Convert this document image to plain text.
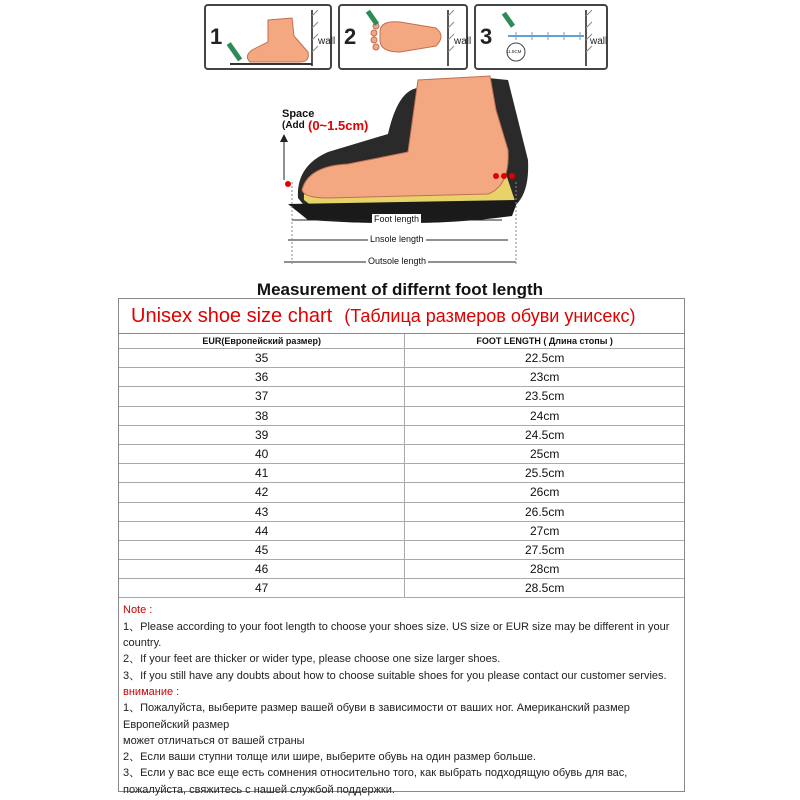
1	wall 2	wall 3
11.5CM
wall
Space
(Add (0~1.5cm)
Foot length
Lnsole length
Outsole length
Measurement of differnt foot length
Unisex shoe size chart (Таблица размеров обуви унисекс)
EUR(Европейский размер)	FOOT LENGTH ( Длина стопы )
35	22.5cm
36	23cm
37	23.5cm
38	24cm
39	24.5cm
40	25cm
41	25.5cm
42	26cm
43	26.5cm
44	27cm
45	27.5cm
46	28cm
47	28.5cm
Note :
1、Please according to your foot length to choose your shoes size. US size or EUR size may be different in your country.
2、If your feet are thicker or wider type, please choose one size larger shoes.
3、If you still have any doubts about how to choose suitable shoes for you please contact our customer servies.
внимание :
1、Пожалуйста, выберите размер вашей обуви в зависимости от ваших ног. Американский размер Европейский размер
может отличаться от вашей страны
2、Если ваши ступни толще или шире, выберите обувь на один размер больше.
3、Если у вас все еще есть сомнения относительно того, как выбрать подходящую обувь для вас, пожалуйста, свяжитесь с нашей службой поддержки.
